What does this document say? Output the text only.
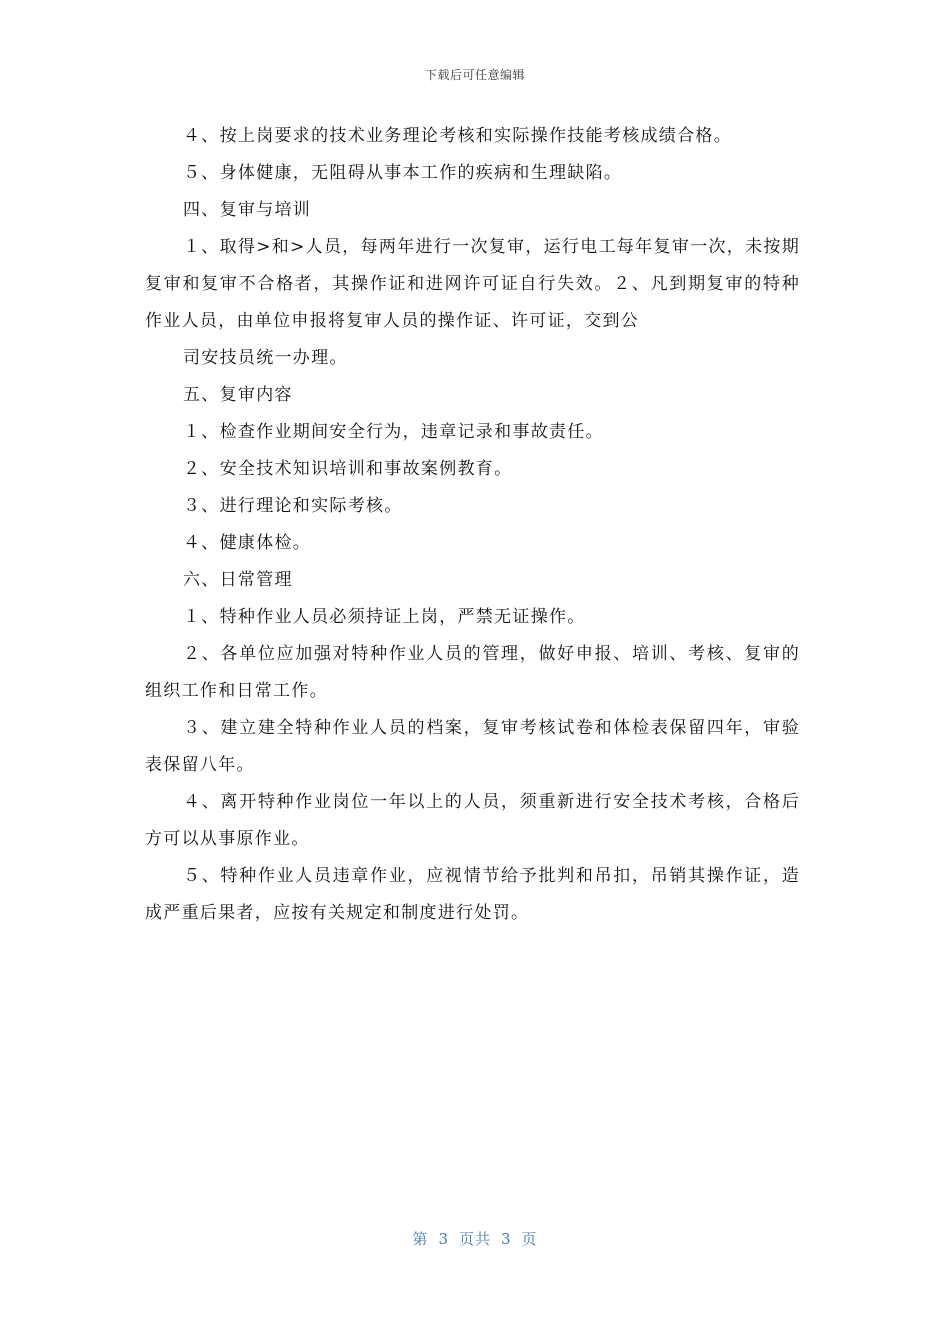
下载后可任意编辑

４、按上岗要求的技术业务理论考核和实际操作技能考核成绩合格。

５、身体健康，无阻碍从事本工作的疾病和生理缺陷。

四、复审与培训

１、取得>和>人员，每两年进行一次复审，运行电工每年复审一次，未按期复审和复审不合格者，其操作证和进网许可证自行失效。２、凡到期复审的特种作业人员，由单位申报将复审人员的操作证、许可证，交到公

司安技员统一办理。

五、复审内容

１、检查作业期间安全行为，违章记录和事故责任。

２、安全技术知识培训和事故案例教育。

３、进行理论和实际考核。

４、健康体检。

六、日常管理

１、特种作业人员必须持证上岗，严禁无证操作。

２、各单位应加强对特种作业人员的管理，做好申报、培训、考核、复审的组织工作和日常工作。

３、建立建全特种作业人员的档案，复审考核试卷和体检表保留四年，审验表保留八年。

４、离开特种作业岗位一年以上的人员，须重新进行安全技术考核，合格后方可以从事原作业。

５、特种作业人员违章作业，应视情节给予批判和吊扣，吊销其操作证，造成严重后果者，应按有关规定和制度进行处罚。

第 3 页共 3 页
